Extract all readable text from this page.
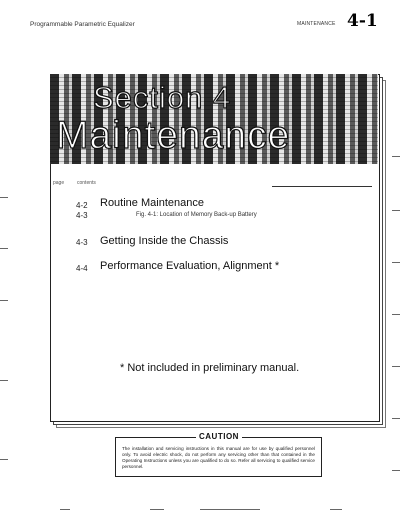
Programmable Parametric Equalizer	MAINTENANCE 4-1
Section 4
Maintenance
page	contents
4-2 Routine Maintenance
4-3	Fig. 4-1: Location of Memory Back-up Battery
4-3 Getting Inside the Chassis
4-4 Performance Evaluation, Alignment *
* Not included in preliminary manual.
CAUTION
The installation and servicing instructions in this manual are for use by qualified personnel only. To avoid electric shock, do not perform any servicing other than that contained in the Operating Instructions unless you are qualified to do so. Refer all servicing to qualified service personnel.
